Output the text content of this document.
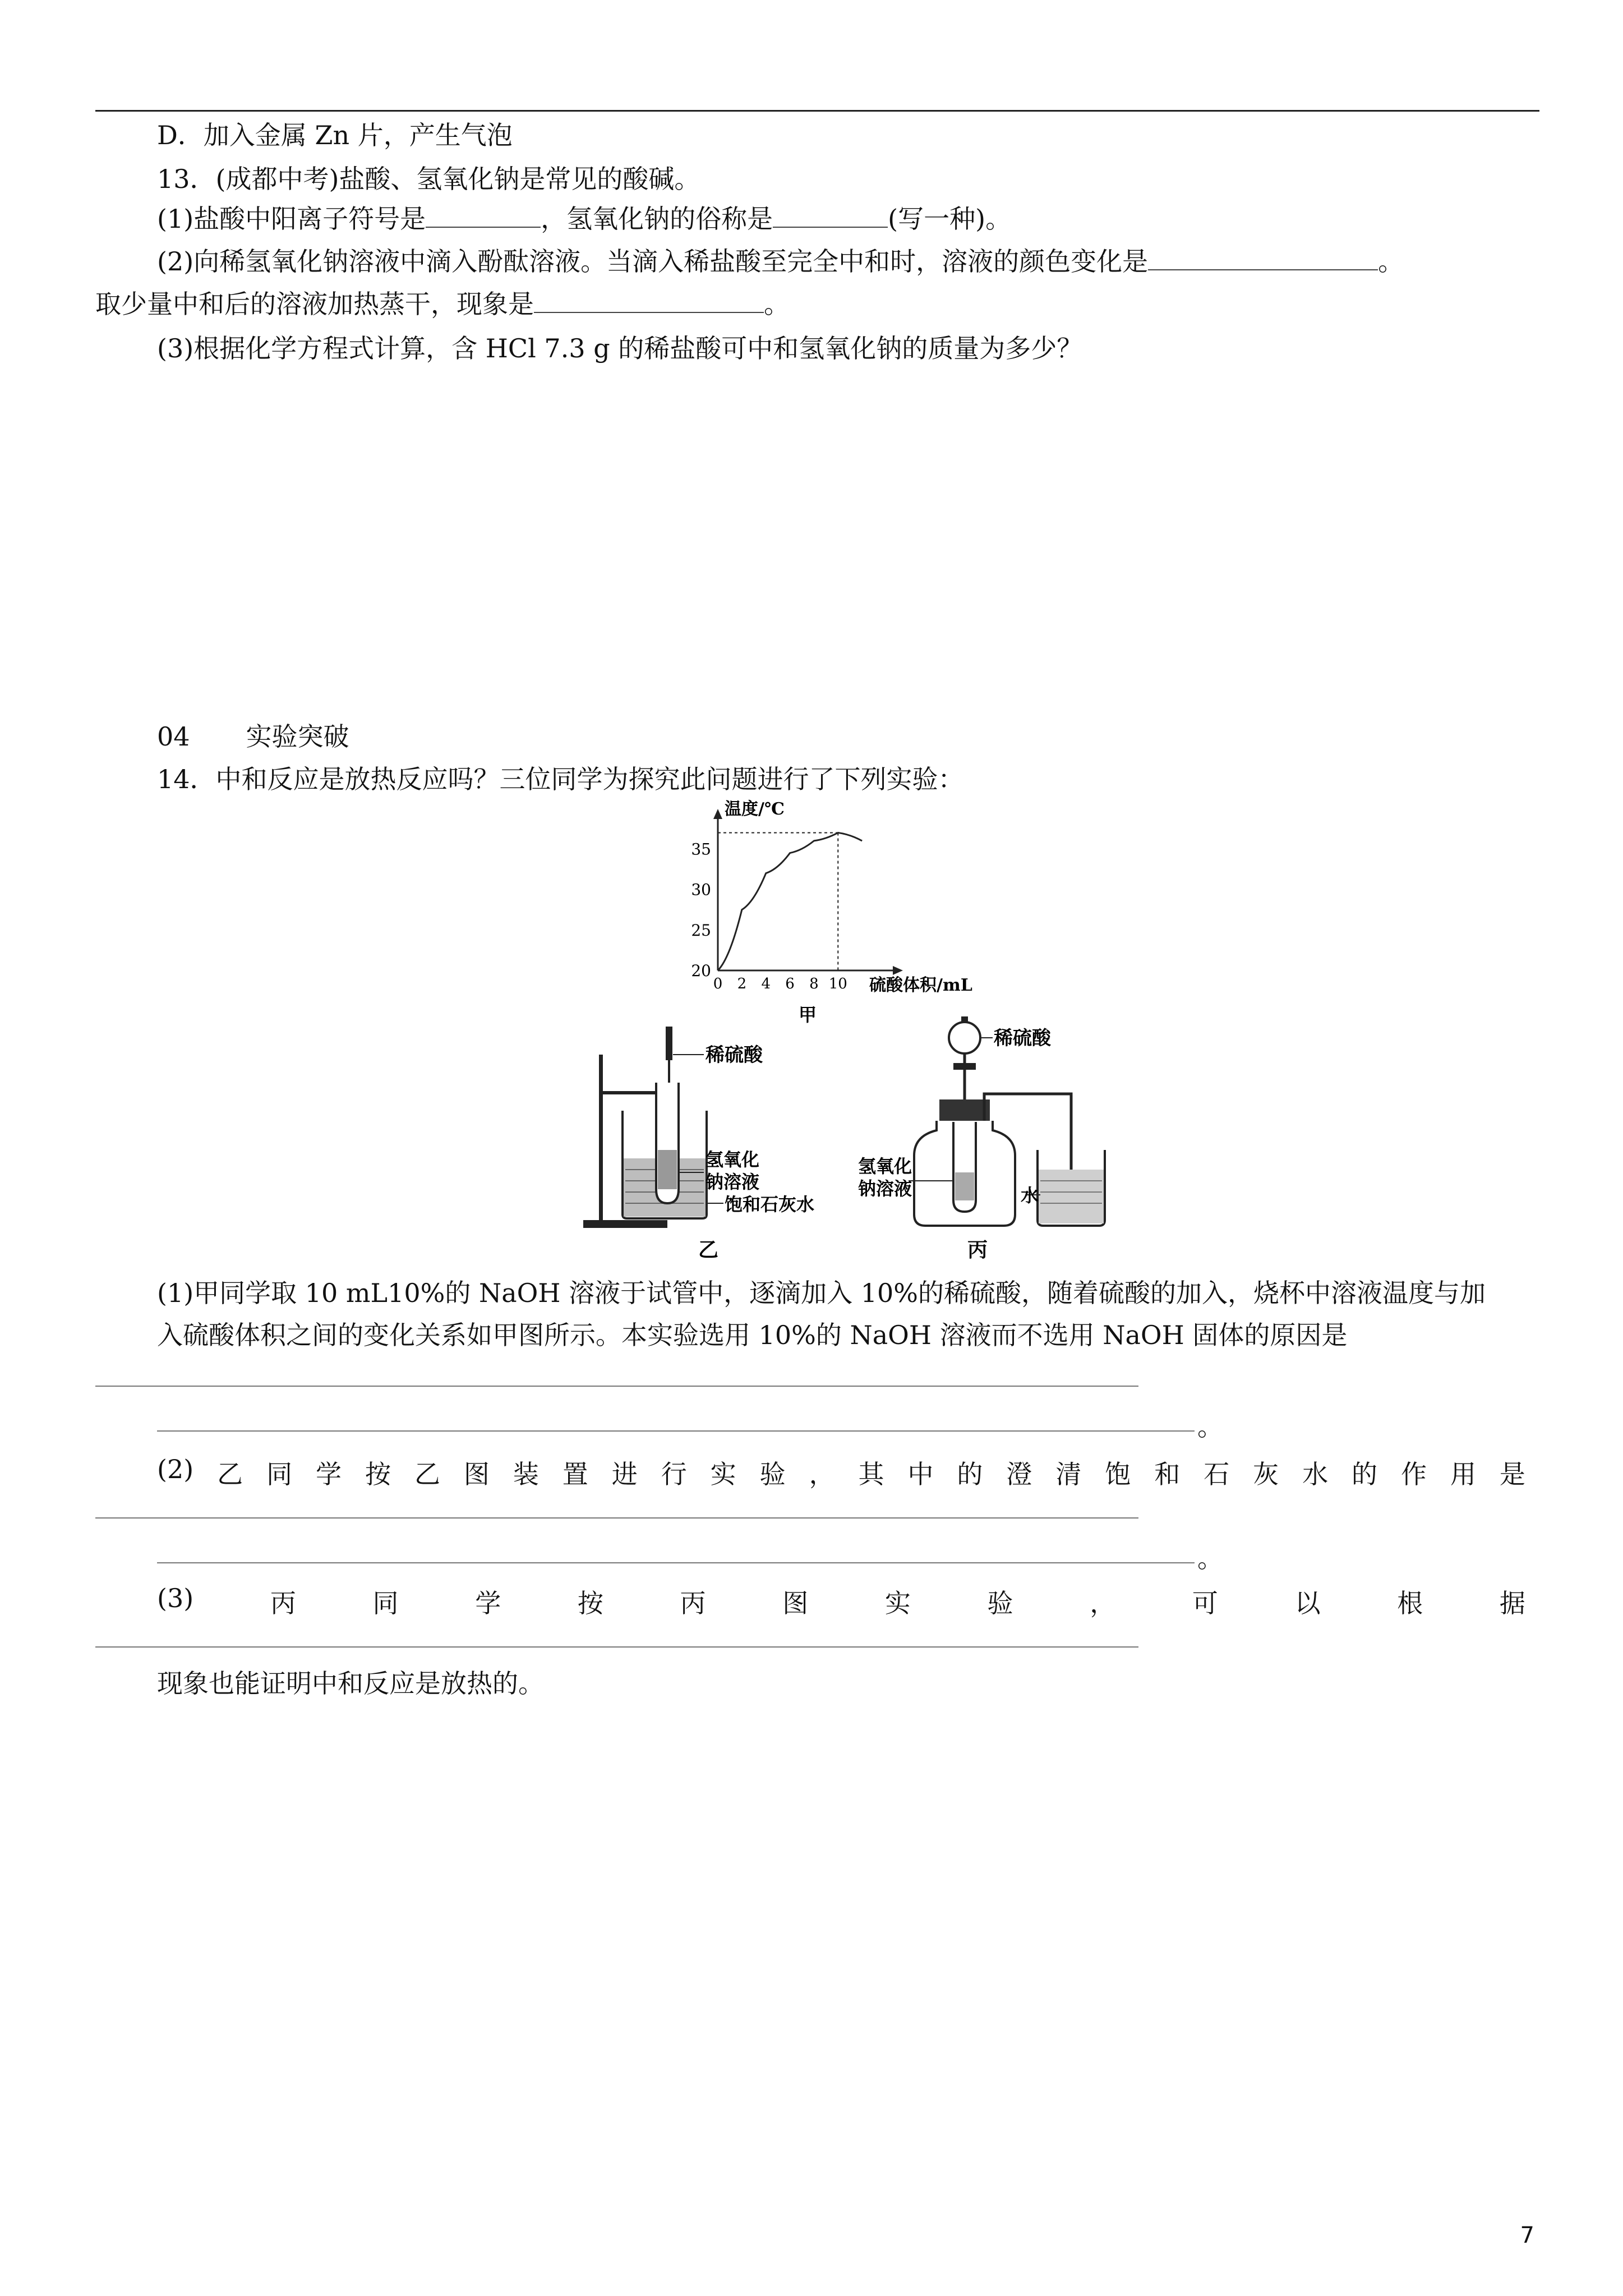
D．加入金属 Zn 片，产生气泡
13．(成都中考)盐酸、氢氧化钠是常见的酸碱。
(1)盐酸中阳离子符号是	，氢氧化钠的俗称是	(写一种)。
(2)向稀氢氧化钠溶液中滴入酚酞溶液。当滴入稀盐酸至完全中和时，溶液的颜色变化是	。
取少量中和后的溶液加热蒸干，现象是	。
(3)根据化学方程式计算，含 HCl 7.3 g 的稀盐酸可中和氢氧化钠的质量为多少？
04 实验突破
14．中和反应是放热反应吗？三位同学为探究此问题进行了下列实验：
20
25
30
35
0 2 4 6 8 10
温度/℃
硫酸体积/mL
甲
稀硫酸
氢氧化
钠溶液
饱和石灰水
乙
稀硫酸
氢氧化
钠溶液	水
丙
(1)甲同学取 10 mL10%的 NaOH 溶液于试管中，逐滴加入 10%的稀硫酸，随着硫酸的加入，烧杯中溶液温度与加
入硫酸体积之间的变化关系如甲图所示。本实验选用 10%的 NaOH 溶液而不选用 NaOH 固体的原因是
。
(2) 乙 同 学 按 乙 图 装 置 进 行 实 验 ， 其 中 的 澄 清 饱 和 石 灰 水 的 作 用 是
。
(3)	丙	同	学	按	丙	图	实	验	，	可	以	根	据
现象也能证明中和反应是放热的。
7
